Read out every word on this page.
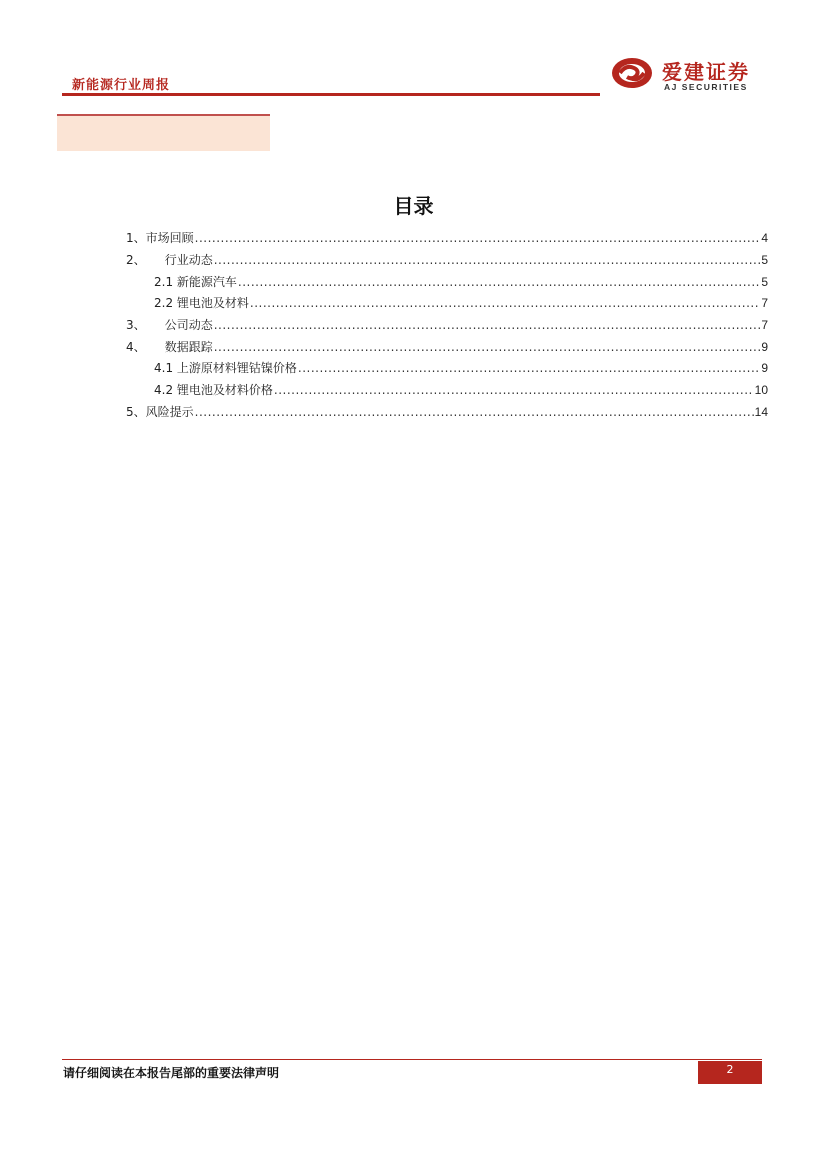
新能源行业周报
爱建证券
AJ SECURITIES
目录
1、 市场回顾 .....	4
2、 行业动态 .....	5
2.1 新能源汽车 .....	5
2.2 锂电池及材料 .....	7
3、 公司动态 .....	7
4、 数据跟踪 .....	9
4.1 上游原材料锂钴镍价格 .....	9
4.2 锂电池及材料价格 .....	10
5、 风险提示 .....	14
请仔细阅读在本报告尾部的重要法律声明	2
